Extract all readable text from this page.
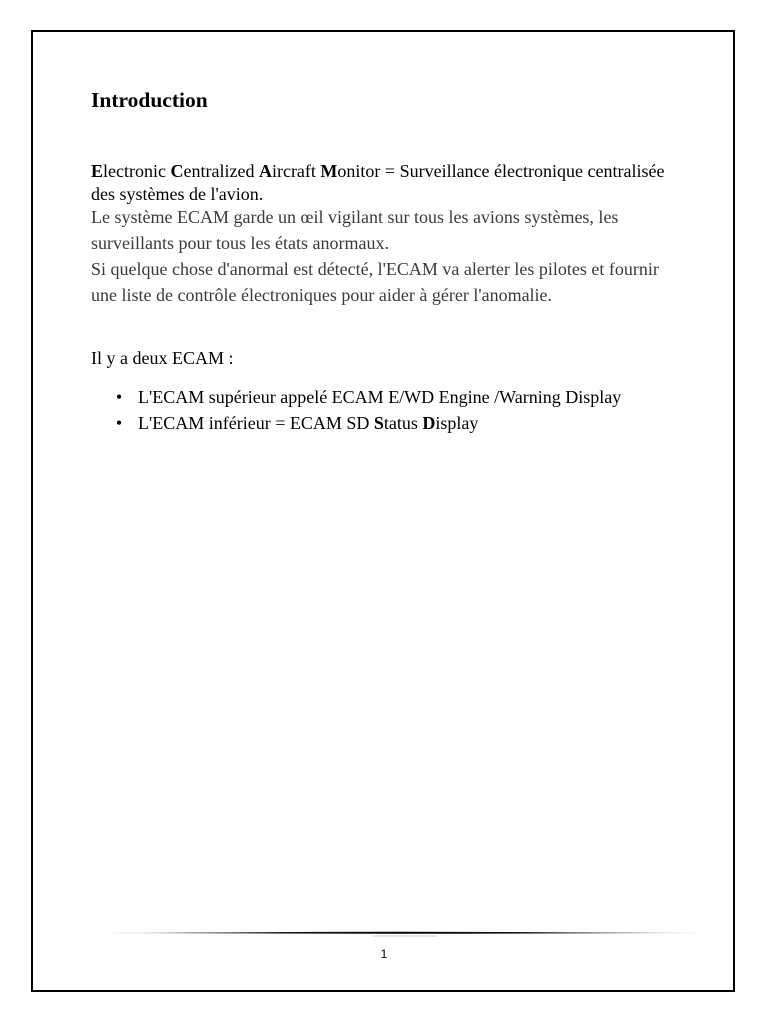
Introduction

Electronic Centralized Aircraft Monitor = Surveillance électronique centralisée des systèmes de l'avion.

Le système ECAM garde un œil vigilant sur tous les avions systèmes, les surveillants pour tous les états anormaux.
Si quelque chose d'anormal est détecté, l'ECAM va alerter les pilotes et fournir une liste de contrôle électroniques pour aider à gérer l'anomalie.

Il y a deux ECAM :

• L'ECAM supérieur appelé ECAM E/WD Engine /Warning Display
• L'ECAM inférieur = ECAM SD Status Display
1
